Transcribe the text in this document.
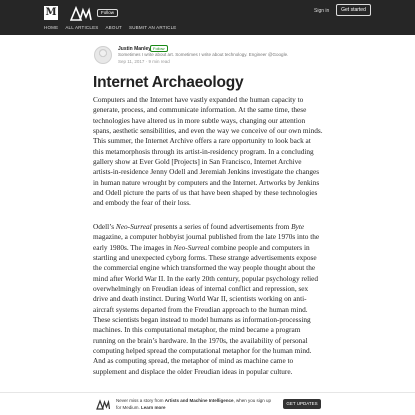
M	Follow	Sign in	Get started
HOME ALL ARTICLES ABOUT SUBMIT AN ARTICLE
Justin Manley Follow
Sometimes I write about art. Sometimes I write about technology. Engineer @Google.
Sep 11, 2017 · 9 min read
Internet Archaeology

Computers and the Internet have vastly expanded the human capacity to generate, process, and communicate information. At the same time, these technologies have altered us in more subtle ways, changing our attention spans, aesthetic sensibilities, and even the way we conceive of our own minds. This summer, the Internet Archive offers a rare opportunity to look back at this metamorphosis through its artist-in-residency program. In a concluding gallery show at Ever Gold [Projects] in San Francisco, Internet Archive artists-in-residence Jenny Odell and Jeremiah Jenkins investigate the changes in human nature wrought by computers and the Internet. Artworks by Jenkins and Odell picture the parts of us that have been shaped by these technologies and embody the fear of their loss.

Odell’s Neo-Surreal presents a series of found advertisements from Byte magazine, a computer hobbyist journal published from the late 1970s into the early 1980s. The images in Neo-Surreal combine people and computers in startling and unexpected cyborg forms. These strange advertisements expose the commercial engine which transformed the way people thought about the mind after World War II. In the early 20th century, popular psychology relied overwhelmingly on Freudian ideas of internal conflict and repression, sex drive and death instinct. During World War II, scientists working on anti-aircraft systems departed from the Freudian approach to the human mind. These scientists began instead to model humans as information-processing machines. In this computational metaphor, the mind became a program running on the brain’s hardware. In the 1970s, the availability of personal computing helped spread the computational metaphor for the human mind. And as computing spread, the metaphor of mind as machine came to supplement and displace the older Freudian ideas in popular culture.

Never miss a story from Artists and Machine Intelligence, when you sign up for Medium. Learn more
GET UPDATES
